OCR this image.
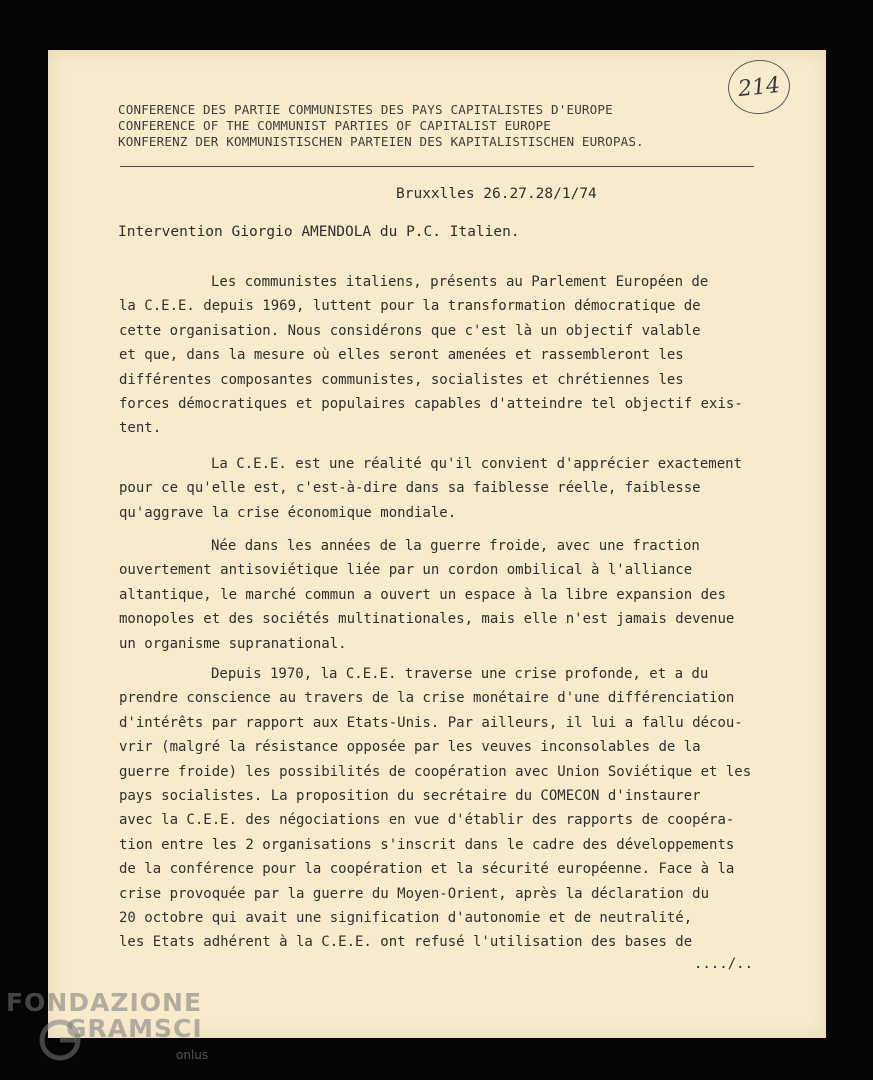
214
CONFERENCE DES PARTIE COMMUNISTES DES PAYS CAPITALISTES D'EUROPE
CONFERENCE OF THE COMMUNIST PARTIES OF CAPITALIST EUROPE
KONFERENZ DER KOMMUNISTISCHEN PARTEIEN DES KAPITALISTISCHEN EUROPAS.
Bruxxlles 26.27.28/1/74
Intervention Giorgio AMENDOLA du P.C. Italien.
Les communistes italiens, présents au Parlement Européen de
la C.E.E. depuis 1969, luttent pour la transformation démocratique de
cette organisation. Nous considérons que c'est là un objectif valable
et que, dans la mesure où elles seront amenées et rassembleront les
différentes composantes communistes, socialistes et chrétiennes les
forces démocratiques et populaires capables d'atteindre tel objectif exis-
tent.
La C.E.E. est une réalité qu'il convient d'apprécier exactement
pour ce qu'elle est, c'est-à-dire dans sa faiblesse réelle, faiblesse
qu'aggrave la crise économique mondiale.
Née dans les années de la guerre froide, avec une fraction
ouvertement antisoviétique liée par un cordon ombilical à l'alliance
altantique, le marché commun a ouvert un espace à la libre expansion des
monopoles et des sociétés multinationales, mais elle n'est jamais devenue
un organisme supranational.
Depuis 1970, la C.E.E. traverse une crise profonde, et a du
prendre conscience au travers de la crise monétaire d'une différenciation
d'intérêts par rapport aux Etats-Unis. Par ailleurs, il lui a fallu décou-
vrir (malgré la résistance opposée par les veuves inconsolables de la
guerre froide) les possibilités de coopération avec Union Soviétique et les
pays socialistes. La proposition du secrétaire du COMECON d'instaurer
avec la C.E.E. des négociations en vue d'établir des rapports de coopéra-
tion entre les 2 organisations s'inscrit dans le cadre des développements
de la conférence pour la coopération et la sécurité européenne. Face à la
crise provoquée par la guerre du Moyen-Orient, après la déclaration du
20 octobre qui avait une signification d'autonomie et de neutralité,
les Etats adhérent à la C.E.E. ont refusé l'utilisation des bases de
..../..
FONDAZIONE
GRAMSCI
onlus
